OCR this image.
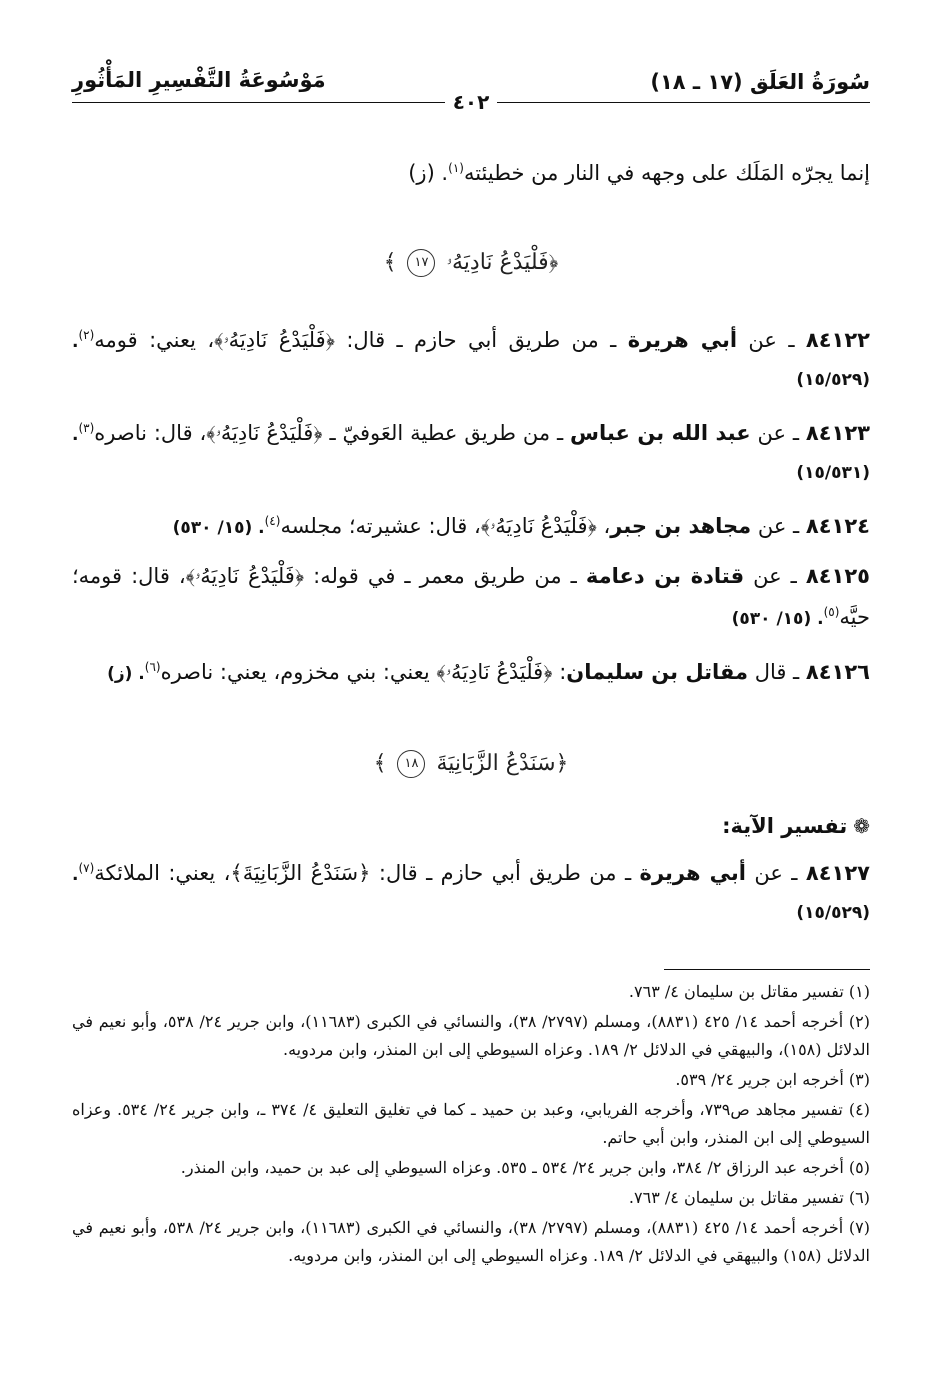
سُورَةُ العَلَق (١٧ ـ ١٨)
مَوْسُوعَةُ التَّفْسِيرِ المَأْثُورِ
٤٠٢

إنما يجرّه المَلَك على وجهه في النار من خطيئته$^{(١)}$. (ز)

﴿فَلْيَدْعُ نَادِيَهُۥ ١٧ ﴾

٨٤١٢٢ ـ عن أبي هريرة ـ من طريق أبي حازم ـ قال: ﴿فَلْيَدْعُ نَادِيَهُۥ﴾، يعني: قومه$^{(٢)}$. (١٥/٥٢٩)

٨٤١٢٣ ـ عن عبد الله بن عباس ـ من طريق عطية العَوفيّ ـ ﴿فَلْيَدْعُ نَادِيَهُۥ﴾، قال: ناصره$^{(٣)}$. (١٥/٥٣١)

٨٤١٢٤ ـ عن مجاهد بن جبر، ﴿فَلْيَدْعُ نَادِيَهُۥ﴾، قال: عشيرته؛ مجلسه$^{(٤)}$. (١٥/ ٥٣٠)

٨٤١٢٥ ـ عن قتادة بن دعامة ـ من طريق معمر ـ في قوله: ﴿فَلْيَدْعُ نَادِيَهُۥ﴾، قال: قومه؛ حيَّه$^{(٥)}$. (١٥/ ٥٣٠)

٨٤١٢٦ ـ قال مقاتل بن سليمان: ﴿فَلْيَدْعُ نَادِيَهُۥ﴾ يعني: بني مخزوم، يعني: ناصره$^{(٦)}$. (ز)

﴿سَنَدْعُ الزَّبَانِيَةَ ١٨ ﴾
❁تفسير الآية:

٨٤١٢٧ ـ عن أبي هريرة ـ من طريق أبي حازم ـ قال: ﴿سَنَدْعُ الزَّبَانِيَةَ﴾، يعني: الملائكة$^{(٧)}$. (١٥/٥٢٩)

(١) تفسير مقاتل بن سليمان ٤/ ٧٦٣.

(٢) أخرجه أحمد ١٤/ ٤٢٥ (٨٨٣١)، ومسلم (٢٧٩٧/ ٣٨)، والنسائي في الكبرى (١١٦٨٣)، وابن جرير ٢٤/ ٥٣٨، وأبو نعيم في الدلائل (١٥٨)، والبيهقي في الدلائل ٢/ ١٨٩. وعزاه السيوطي إلى ابن المنذر، وابن مردويه.

(٣) أخرجه ابن جرير ٢٤/ ٥٣٩.

(٤) تفسير مجاهد ص٧٣٩، وأخرجه الفريابي، وعبد بن حميد ـ كما في تغليق التعليق ٤/ ٣٧٤ ـ، وابن جرير ٢٤/ ٥٣٤. وعزاه السيوطي إلى ابن المنذر، وابن أبي حاتم.

(٥) أخرجه عبد الرزاق ٢/ ٣٨٤، وابن جرير ٢٤/ ٥٣٤ ـ ٥٣٥. وعزاه السيوطي إلى عبد بن حميد، وابن المنذر.

(٦) تفسير مقاتل بن سليمان ٤/ ٧٦٣.

(٧) أخرجه أحمد ١٤/ ٤٢٥ (٨٨٣١)، ومسلم (٢٧٩٧/ ٣٨)، والنسائي في الكبرى (١١٦٨٣)، وابن جرير ٢٤/ ٥٣٨، وأبو نعيم في الدلائل (١٥٨) والبيهقي في الدلائل ٢/ ١٨٩. وعزاه السيوطي إلى ابن المنذر، وابن مردويه.
